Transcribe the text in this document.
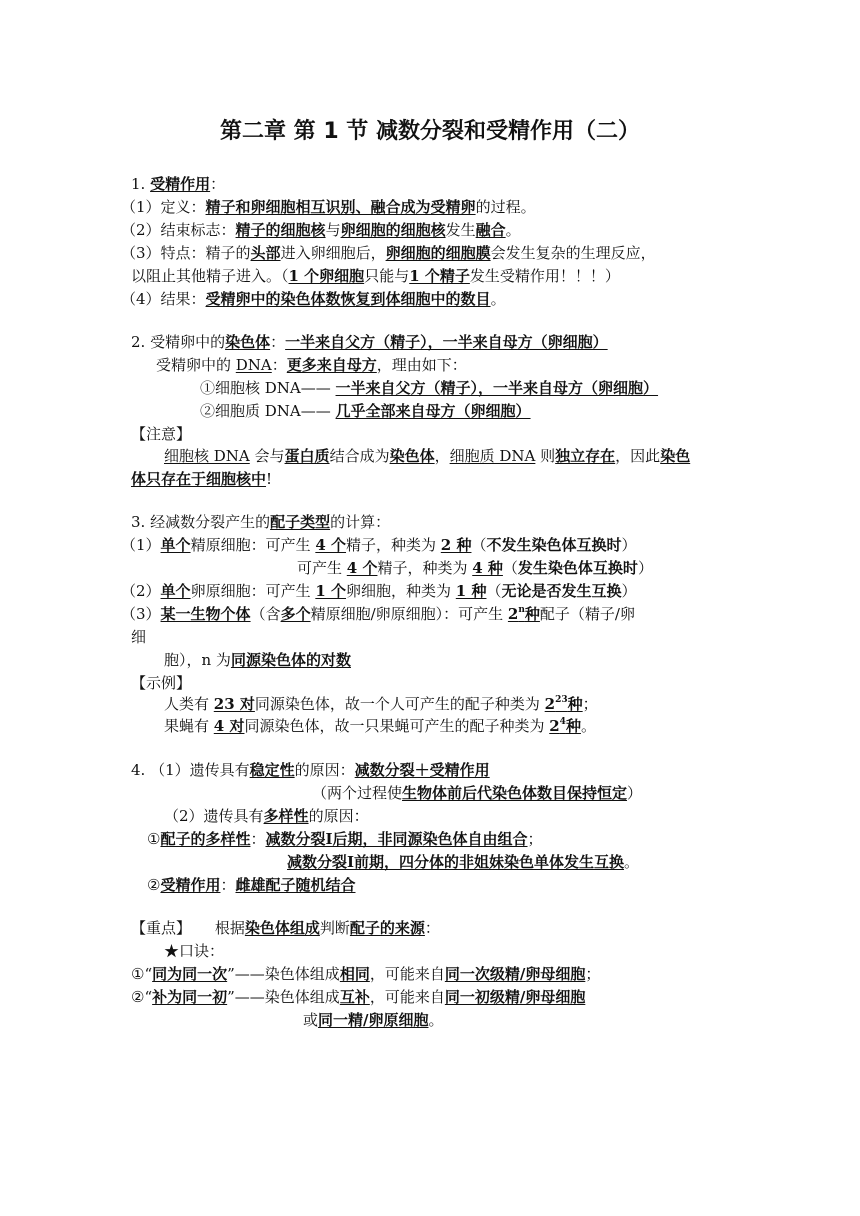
第二章 第 1 节 减数分裂和受精作用（二）
1. 受精作用：
（1）定义：精子和卵细胞相互识别、融合成为受精卵的过程。
（2）结束标志：精子的细胞核与卵细胞的细胞核发生融合。
（3）特点：精子的头部进入卵细胞后，卵细胞的细胞膜会发生复杂的生理反应，
以阻止其他精子进入。（1 个卵细胞只能与1 个精子发生受精作用！！！）
（4）结果：受精卵中的染色体数恢复到体细胞中的数目。
2. 受精卵中的染色体：一半来自父方（精子），一半来自母方（卵细胞）
受精卵中的 DNA：更多来自母方，理由如下：
①细胞核 DNA—— 一半来自父方（精子），一半来自母方（卵细胞）
②细胞质 DNA—— 几乎全部来自母方（卵细胞）
【注意】
细胞核 DNA 会与蛋白质结合成为染色体，细胞质 DNA 则独立存在，因此染色
体只存在于细胞核中!
3. 经减数分裂产生的配子类型的计算：
（1）单个精原细胞：可产生 4 个精子，种类为 2 种（不发生染色体互换时）
可产生 4 个精子，种类为 4 种（发生染色体互换时）
（2）单个卵原细胞：可产生 1 个卵细胞，种类为 1 种（无论是否发生互换）
（3）某一生物个体（含多个精原细胞/卵原细胞）：可产生 2$^n$种配子（精子/卵
细
胞），n 为同源染色体的对数
【示例】
人类有 23 对同源染色体，故一个人可产生的配子种类为 $2^{23}$种；
果蝇有 4 对同源染色体，故一只果蝇可产生的配子种类为 $2^4$种。
4. （1）遗传具有稳定性的原因：减数分裂＋受精作用
（两个过程使生物体前后代染色体数目保持恒定）
（2）遗传具有多样性的原因：
①配子的多样性：减数分裂Ⅰ后期，非同源染色体自由组合；
减数分裂Ⅰ前期，四分体的非姐妹染色单体发生互换。
②受精作用：雌雄配子随机结合
【重点】 根据染色体组成判断配子的来源：
★口诀：
①“同为同一次”——染色体组成相同，可能来自同一次级精/卵母细胞；
②“补为同一初”——染色体组成互补，可能来自同一初级精/卵母细胞
或同一精/卵原细胞。
